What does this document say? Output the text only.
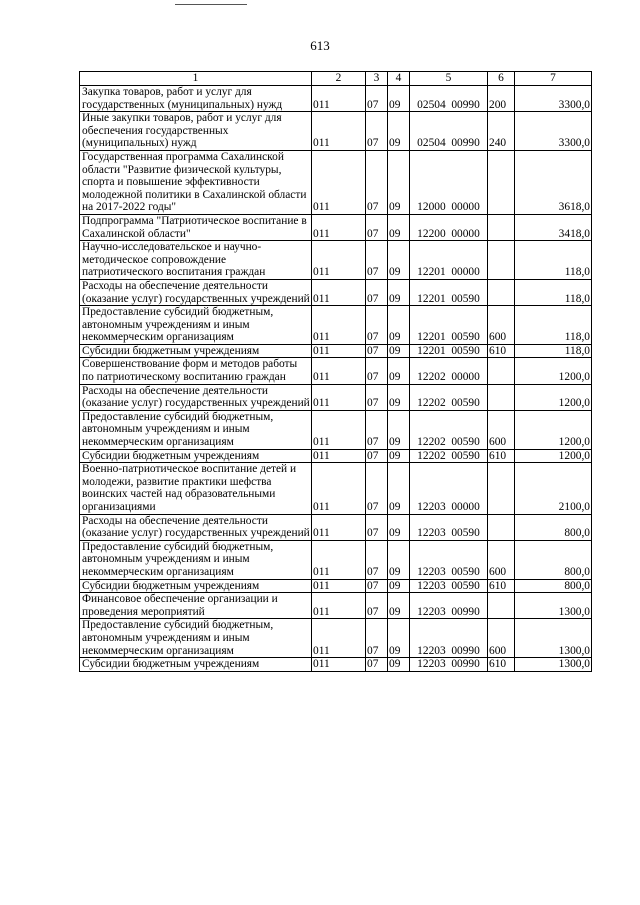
613
1	2	3	4	5	6	7
Закупка товаров, работ и услуг для государственных (муниципальных) нужд	011	07	09	02504  00990	200	3300,0
Иные закупки товаров, работ и услуг для обеспечения государственных (муниципальных) нужд	011	07	09	02504  00990	240	3300,0
Государственная программа Сахалинской области "Развитие физической культуры, спорта и повышение эффективности молодежной политики в Сахалинской области на 2017-2022 годы"	011	07	09	12000  00000		3618,0
Подпрограмма "Патриотическое воспитание в Сахалинской области"	011	07	09	12200  00000		3418,0
Научно-исследовательское и научно-методическое сопровождение патриотического воспитания граждан	011	07	09	12201  00000		118,0
Расходы на обеспечение деятельности (оказание услуг) государственных учреждений	011	07	09	12201  00590		118,0
Предоставление субсидий бюджетным, автономным учреждениям и иным некоммерческим организациям	011	07	09	12201  00590	600	118,0
Субсидии бюджетным учреждениям	011	07	09	12201  00590	610	118,0
Совершенствование форм и методов работы по патриотическому воспитанию граждан	011	07	09	12202  00000		1200,0
Расходы на обеспечение деятельности (оказание услуг) государственных учреждений	011	07	09	12202  00590		1200,0
Предоставление субсидий бюджетным, автономным учреждениям и иным некоммерческим организациям	011	07	09	12202  00590	600	1200,0
Субсидии бюджетным учреждениям	011	07	09	12202  00590	610	1200,0
Военно-патриотическое воспитание детей и молодежи, развитие практики шефства воинских частей над образовательными организациями	011	07	09	12203  00000		2100,0
Расходы на обеспечение деятельности (оказание услуг) государственных учреждений	011	07	09	12203  00590		800,0
Предоставление субсидий бюджетным, автономным учреждениям и иным некоммерческим организациям	011	07	09	12203  00590	600	800,0
Субсидии бюджетным учреждениям	011	07	09	12203  00590	610	800,0
Финансовое обеспечение организации и проведения мероприятий	011	07	09	12203  00990		1300,0
Предоставление субсидий бюджетным, автономным учреждениям и иным некоммерческим организациям	011	07	09	12203  00990	600	1300,0
Субсидии бюджетным учреждениям	011	07	09	12203  00990	610	1300,0
